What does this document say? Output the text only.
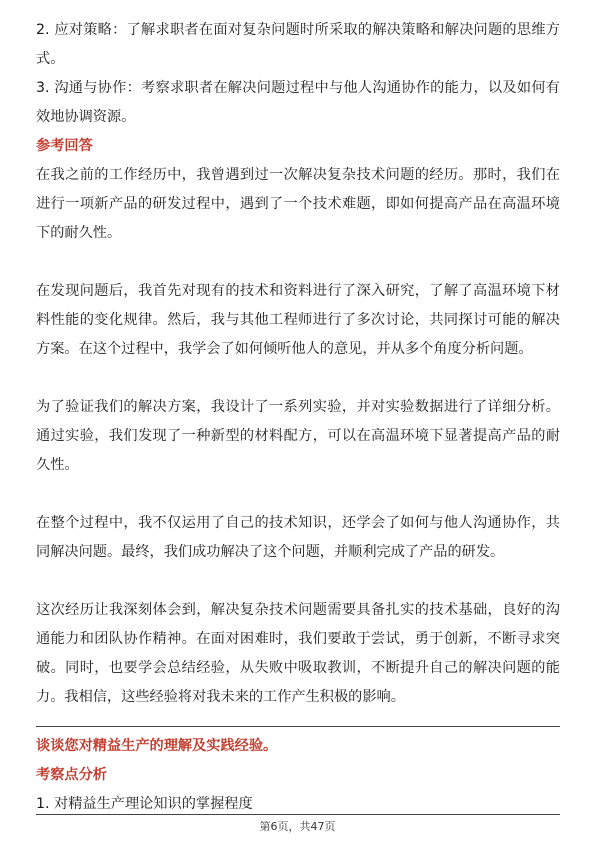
2. 应对策略：了解求职者在面对复杂问题时所采取的解决策略和解决问题的思维方式。

3. 沟通与协作：考察求职者在解决问题过程中与他人沟通协作的能力，以及如何有效地协调资源。

参考回答

在我之前的工作经历中，我曾遇到过一次解决复杂技术问题的经历。那时，我们在进行一项新产品的研发过程中，遇到了一个技术难题，即如何提高产品在高温环境下的耐久性。

在发现问题后，我首先对现有的技术和资料进行了深入研究，了解了高温环境下材料性能的变化规律。然后，我与其他工程师进行了多次讨论，共同探讨可能的解决方案。在这个过程中，我学会了如何倾听他人的意见，并从多个角度分析问题。

为了验证我们的解决方案，我设计了一系列实验，并对实验数据进行了详细分析。通过实验，我们发现了一种新型的材料配方，可以在高温环境下显著提高产品的耐久性。

在整个过程中，我不仅运用了自己的技术知识，还学会了如何与他人沟通协作，共同解决问题。最终，我们成功解决了这个问题，并顺利完成了产品的研发。

这次经历让我深刻体会到，解决复杂技术问题需要具备扎实的技术基础，良好的沟通能力和团队协作精神。在面对困难时，我们要敢于尝试，勇于创新，不断寻求突破。同时，也要学会总结经验，从失败中吸取教训，不断提升自己的解决问题的能力。我相信，这些经验将对我未来的工作产生积极的影响。

谈谈您对精益生产的理解及实践经验。

考察点分析

1. 对精益生产理论知识的掌握程度

第6页，共47页
